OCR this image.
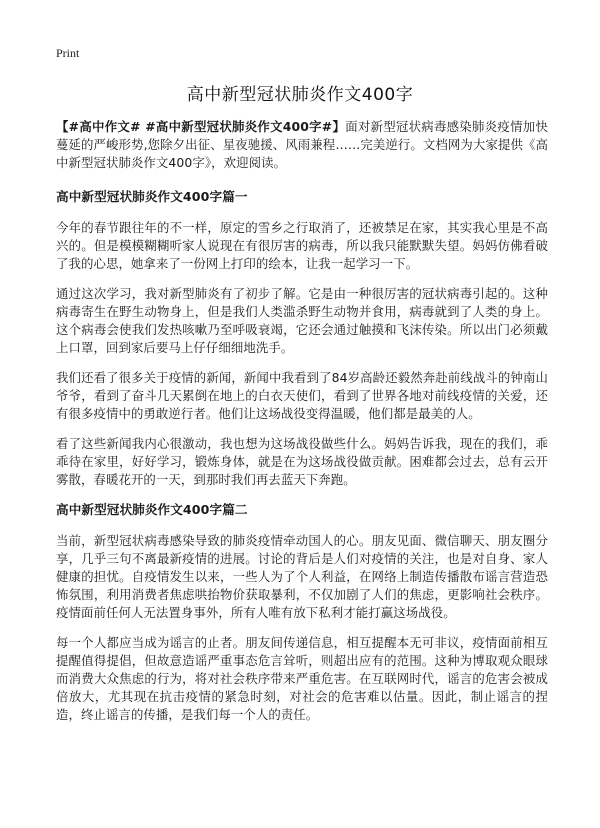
Print
高中新型冠状肺炎作文400字

【#高中作文# #高中新型冠状肺炎作文400字#】面对新型冠状病毒感染肺炎疫情加快蔓延的严峻形势,您除夕出征、星夜驰援、风雨兼程……完美逆行。文档网为大家提供《高中新型冠状肺炎作文400字》，欢迎阅读。

高中新型冠状肺炎作文400字篇一

今年的春节跟往年的不一样，原定的雪乡之行取消了，还被禁足在家，其实我心里是不高兴的。但是模模糊糊听家人说现在有很厉害的病毒，所以我只能默默失望。妈妈仿佛看破了我的心思，她拿来了一份网上打印的绘本，让我一起学习一下。

通过这次学习，我对新型肺炎有了初步了解。它是由一种很厉害的冠状病毒引起的。这种病毒寄生在野生动物身上，但是我们人类滥杀野生动物并食用，病毒就到了人类的身上。这个病毒会使我们发热咳嗽乃至呼吸衰竭，它还会通过触摸和飞沫传染。所以出门必须戴上口罩，回到家后要马上仔仔细细地洗手。

我们还看了很多关于疫情的新闻，新闻中我看到了84岁高龄还毅然奔赴前线战斗的钟南山爷爷，看到了奋斗几天累倒在地上的白衣天使们，看到了世界各地对前线疫情的关爱，还有很多疫情中的勇敢逆行者。他们让这场战役变得温暖，他们都是最美的人。

看了这些新闻我内心很激动，我也想为这场战役做些什么。妈妈告诉我，现在的我们，乖乖待在家里，好好学习，锻炼身体，就是在为这场战役做贡献。困难都会过去，总有云开雾散，春暖花开的一天，到那时我们再去蓝天下奔跑。

高中新型冠状肺炎作文400字篇二

当前，新型冠状病毒感染导致的肺炎疫情牵动国人的心。朋友见面、微信聊天、朋友圈分享，几乎三句不离最新疫情的进展。讨论的背后是人们对疫情的关注，也是对自身、家人健康的担忧。自疫情发生以来，一些人为了个人利益，在网络上制造传播散布谣言营造恐怖氛围，利用消费者焦虑哄抬物价获取暴利，不仅加剧了人们的焦虑，更影响社会秩序。疫情面前任何人无法置身事外，所有人唯有放下私利才能打赢这场战役。

每一个人都应当成为谣言的止者。朋友间传递信息，相互提醒本无可非议，疫情面前相互提醒值得提倡，但故意造谣严重事态危言耸听，则超出应有的范围。这种为博取观众眼球而消费大众焦虑的行为，将对社会秩序带来严重危害。在互联网时代，谣言的危害会被成倍放大，尤其现在抗击疫情的紧急时刻，对社会的危害难以估量。因此，制止谣言的捏造，终止谣言的传播，是我们每一个人的责任。
